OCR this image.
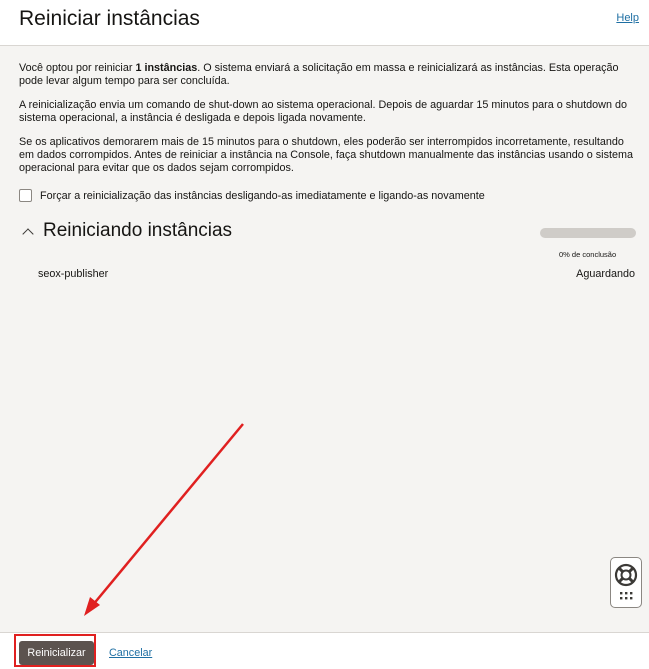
Reiniciar instâncias	Help

Você optou por reiniciar 1 instâncias. O sistema enviará a solicitação em massa e reinicializará as instâncias. Esta operação pode levar algum tempo para ser concluída.

A reinicialização envia um comando de shut-down ao sistema operacional. Depois de aguardar 15 minutos para o shutdown do sistema operacional, a instância é desligada e depois ligada novamente.

Se os aplicativos demorarem mais de 15 minutos para o shutdown, eles poderão ser interrompidos incorretamente, resultando em dados corrompidos. Antes de reiniciar a instância na Console, faça shutdown manualmente das instâncias usando o sistema operacional para evitar que os dados sejam corrompidos.

Forçar a reinicialização das instâncias desligando-as imediatamente e ligando-as novamente
Reiniciando instâncias
0% de conclusão
seox-publisher	Aguardando
Reinicializar	Cancelar
